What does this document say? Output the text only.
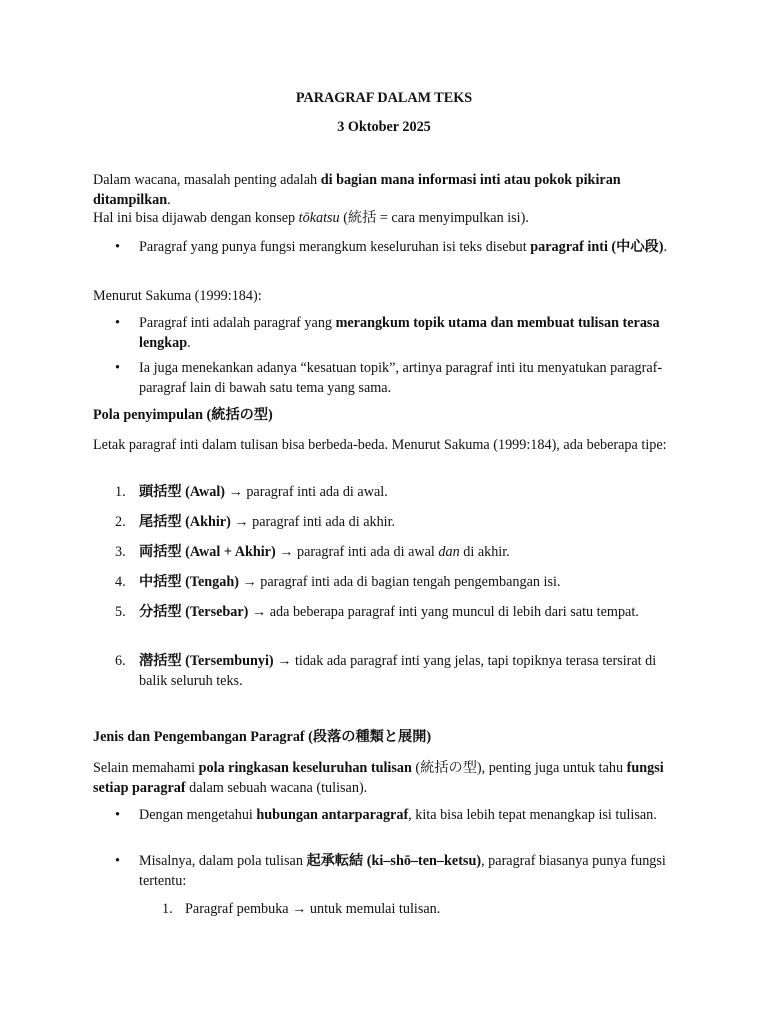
PARAGRAF DALAM TEKS

3 Oktober 2025

Dalam wacana, masalah penting adalah di bagian mana informasi inti atau pokok pikiran ditampilkan.

Hal ini bisa dijawab dengan konsep tōkatsu (統括 = cara menyimpulkan isi).

• Paragraf yang punya fungsi merangkum keseluruhan isi teks disebut paragraf inti (中心段).

Menurut Sakuma (1999:184):

• Paragraf inti adalah paragraf yang merangkum topik utama dan membuat tulisan terasa lengkap.

• Ia juga menekankan adanya “kesatuan topik”, artinya paragraf inti itu menyatukan paragraf-paragraf lain di bawah satu tema yang sama.

Pola penyimpulan (統括の型)

Letak paragraf inti dalam tulisan bisa berbeda-beda. Menurut Sakuma (1999:184), ada beberapa tipe:

1. 頭括型 (Awal) → paragraf inti ada di awal.

2. 尾括型 (Akhir) → paragraf inti ada di akhir.

3. 両括型 (Awal + Akhir) → paragraf inti ada di awal dan di akhir.

4. 中括型 (Tengah) → paragraf inti ada di bagian tengah pengembangan isi.

5. 分括型 (Tersebar) → ada beberapa paragraf inti yang muncul di lebih dari satu tempat.

6. 潜括型 (Tersembunyi) → tidak ada paragraf inti yang jelas, tapi topiknya terasa tersirat di balik seluruh teks.

Jenis dan Pengembangan Paragraf (段落の種類と展開)

Selain memahami pola ringkasan keseluruhan tulisan (統括の型), penting juga untuk tahu fungsi setiap paragraf dalam sebuah wacana (tulisan).

• Dengan mengetahui hubungan antarparagraf, kita bisa lebih tepat menangkap isi tulisan.

• Misalnya, dalam pola tulisan 起承転結 (ki–shō–ten–ketsu), paragraf biasanya punya fungsi tertentu:

1. Paragraf pembuka → untuk memulai tulisan.
